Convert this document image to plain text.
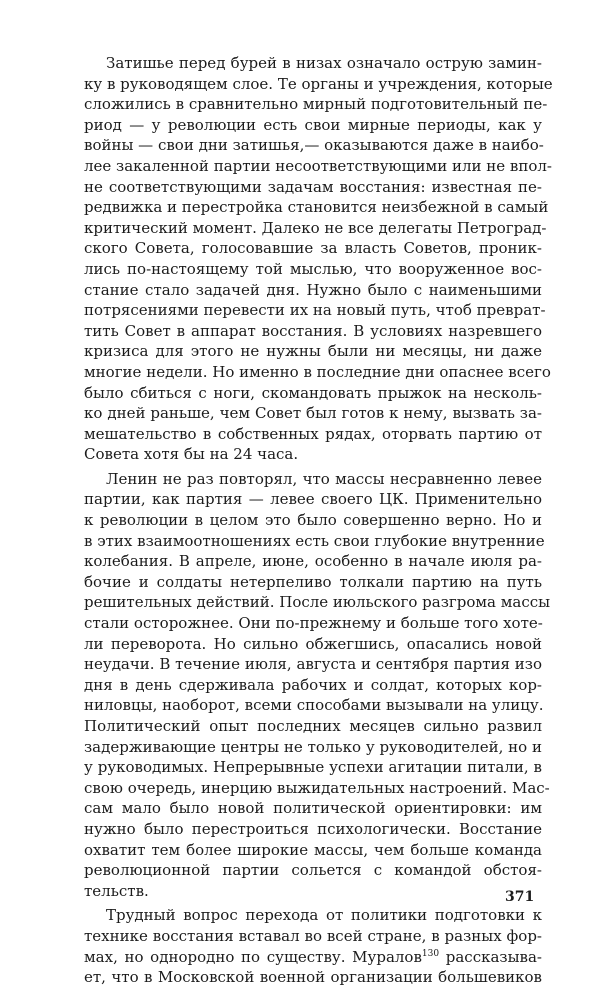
Затишье перед бурей в низах означало острую замин-
ку в руководящем слое. Те органы и учреждения, которые
сложились в сравнительно мирный подготовительный пе-
риод — у революции есть свои мирные периоды, как у
войны — свои дни затишья,— оказываются даже в наибо-
лее закаленной партии несоответствующими или не впол-
не соответствующими задачам восстания: известная пе-
редвижка и перестройка становится неизбежной в самый
критический момент. Далеко не все делегаты Петроград-
ского Совета, голосовавшие за власть Советов, проник-
лись по-настоящему той мыслью, что вооруженное вос-
стание стало задачей дня. Нужно было с наименьшими
потрясениями перевести их на новый путь, чтоб преврат-
тить Совет в аппарат восстания. В условиях назревшего
кризиса для этого не нужны были ни месяцы, ни даже
многие недели. Но именно в последние дни опаснее всего
было сбиться с ноги, скомандовать прыжок на несколь-
ко дней раньше, чем Совет был готов к нему, вызвать за-
мешательство в собственных рядах, оторвать партию от
Совета хотя бы на 24 часа.
Ленин не раз повторял, что массы несравненно левее
партии, как партия — левее своего ЦК. Применительно
к революции в целом это было совершенно верно. Но и
в этих взаимоотношениях есть свои глубокие внутренние
колебания. В апреле, июне, особенно в начале июля ра-
бочие и солдаты нетерпеливо толкали партию на путь
решительных действий. После июльского разгрома массы
стали осторожнее. Они по-прежнему и больше того хоте-
ли переворота. Но сильно обжегшись, опасались новой
неудачи. В течение июля, августа и сентября партия изо
дня в день сдерживала рабочих и солдат, которых кор-
ниловцы, наоборот, всеми способами вызывали на улицу.
Политический опыт последних месяцев сильно развил
задерживающие центры не только у руководителей, но и
у руководимых. Непрерывные успехи агитации питали, в
свою очередь, инерцию выжидательных настроений. Мас-
сам мало было новой политической ориентировки: им
нужно было перестроиться психологически. Восстание
охватит тем более широкие массы, чем больше команда
революционной партии сольется с командой обстоя-
тельств.
Трудный вопрос перехода от политики подготовки к
технике восстания вставал во всей стране, в разных фор-
мах, но однородно по существу. Муралов$^{130}$ рассказыва-
ет, что в Московской военной организации большевиков
371
